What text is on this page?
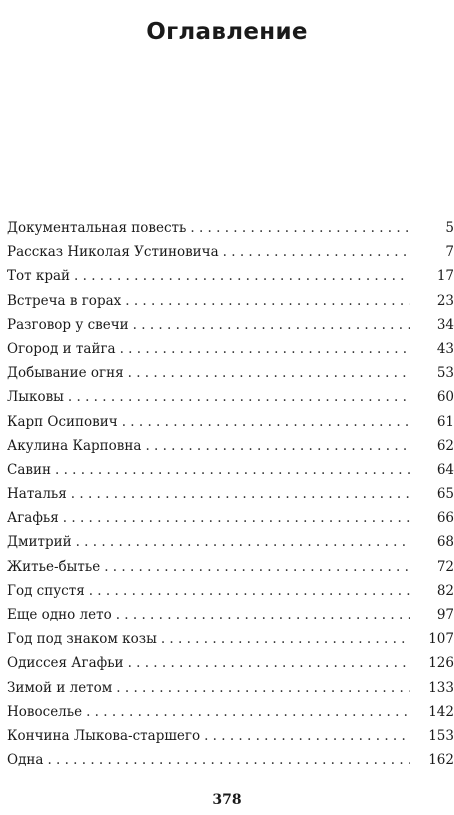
Оглавление
Документальная повесть . . .	5
Рассказ Николая Устиновича . . .	7
Тот край . . .	17
Встреча в горах . . .	23
Разговор у свечи . . .	34
Огород и тайга . . .	43
Добывание огня . . .	53
Лыковы . . .	60
Карп Осипович . . .	61
Акулина Карповна . . .	62
Савин . . .	64
Наталья . . .	65
Агафья . . .	66
Дмитрий . . .	68
Житье-бытье . . .	72
Год спустя . . .	82
Еще одно лето . . .	97
Год под знаком козы . . .	107
Одиссея Агафьи . . .	126
Зимой и летом . . .	133
Новоселье . . .	142
Кончина Лыкова-старшего . . .	153
Одна . . .	162
378
